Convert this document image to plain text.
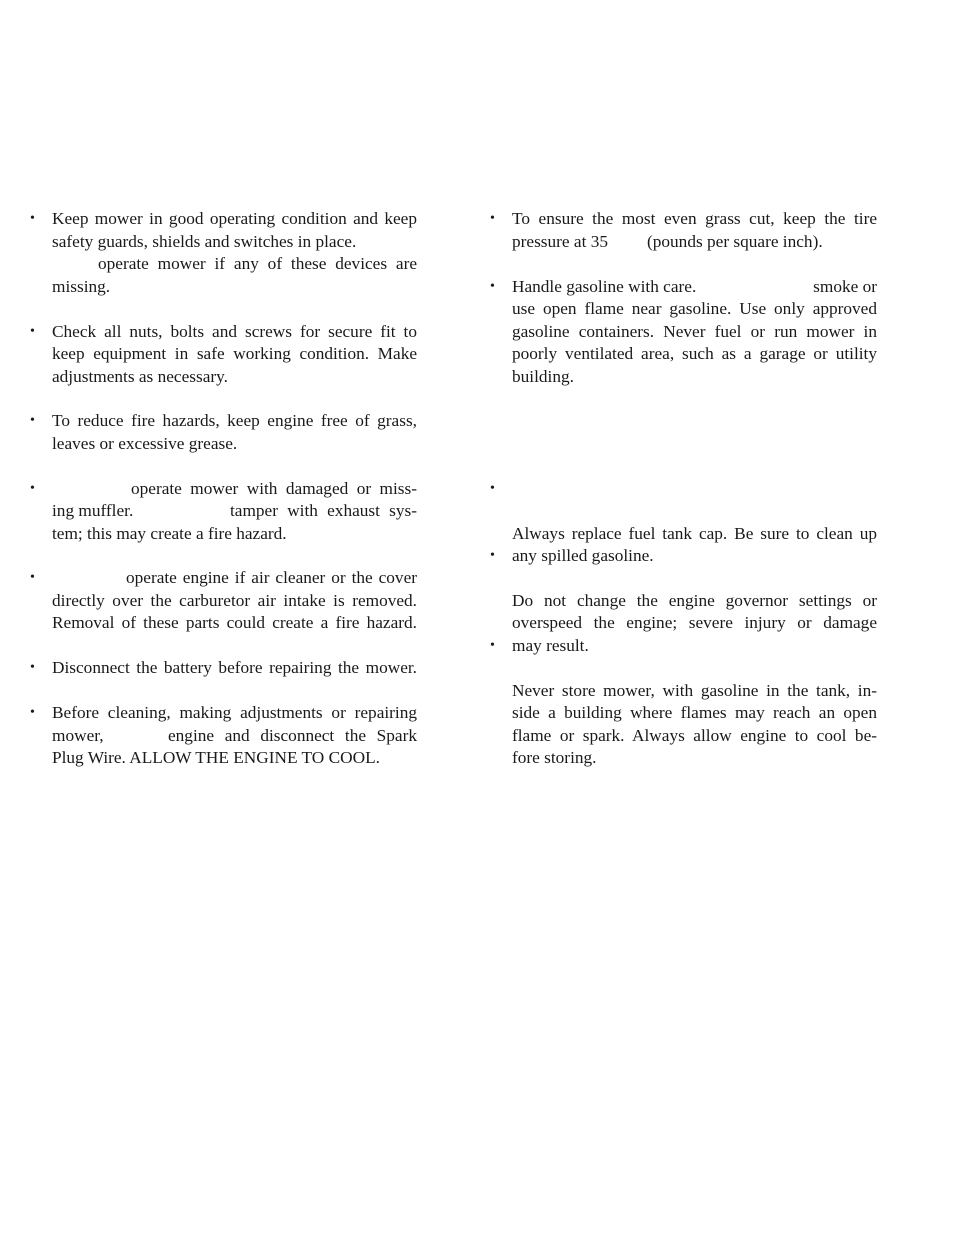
• Keep mower in good operating condition and keep
safety guards, shields and switches in place.
operate mower if any of these devices are
missing.
• Check all nuts, bolts and screws for secure fit to
keep equipment in safe working condition. Make
adjustments as necessary.
• To reduce fire hazards, keep engine free of grass,
leaves or excessive grease.
•	operate mower with damaged or miss-
ing muffler.	tamper with exhaust sys-
tem; this may create a fire hazard.
•	operate engine if air cleaner or the cover
directly over the carburetor air intake is removed.
Removal of these parts could create a fire hazard.
• Disconnect the battery before repairing the mower.
• Before cleaning, making adjustments or repairing
mower,	engine and disconnect the Spark
Plug Wire. ALLOW THE ENGINE TO COOL.
• To ensure the most even grass cut, keep the tire
pressure at 35 (pounds per square inch).
• Handle gasoline with care.	smoke or
use open flame near gasoline. Use only approved
gasoline containers. Never fuel or run mower in
poorly ventilated area, such as a garage or utility
building.
•
•
•
Always replace fuel tank cap. Be sure to clean up
any spilled gasoline.
Do not change the engine governor settings or
overspeed the engine; severe injury or damage
may result.
Never store mower, with gasoline in the tank, in-
side a building where flames may reach an open
flame or spark. Always allow engine to cool be-
fore storing.
